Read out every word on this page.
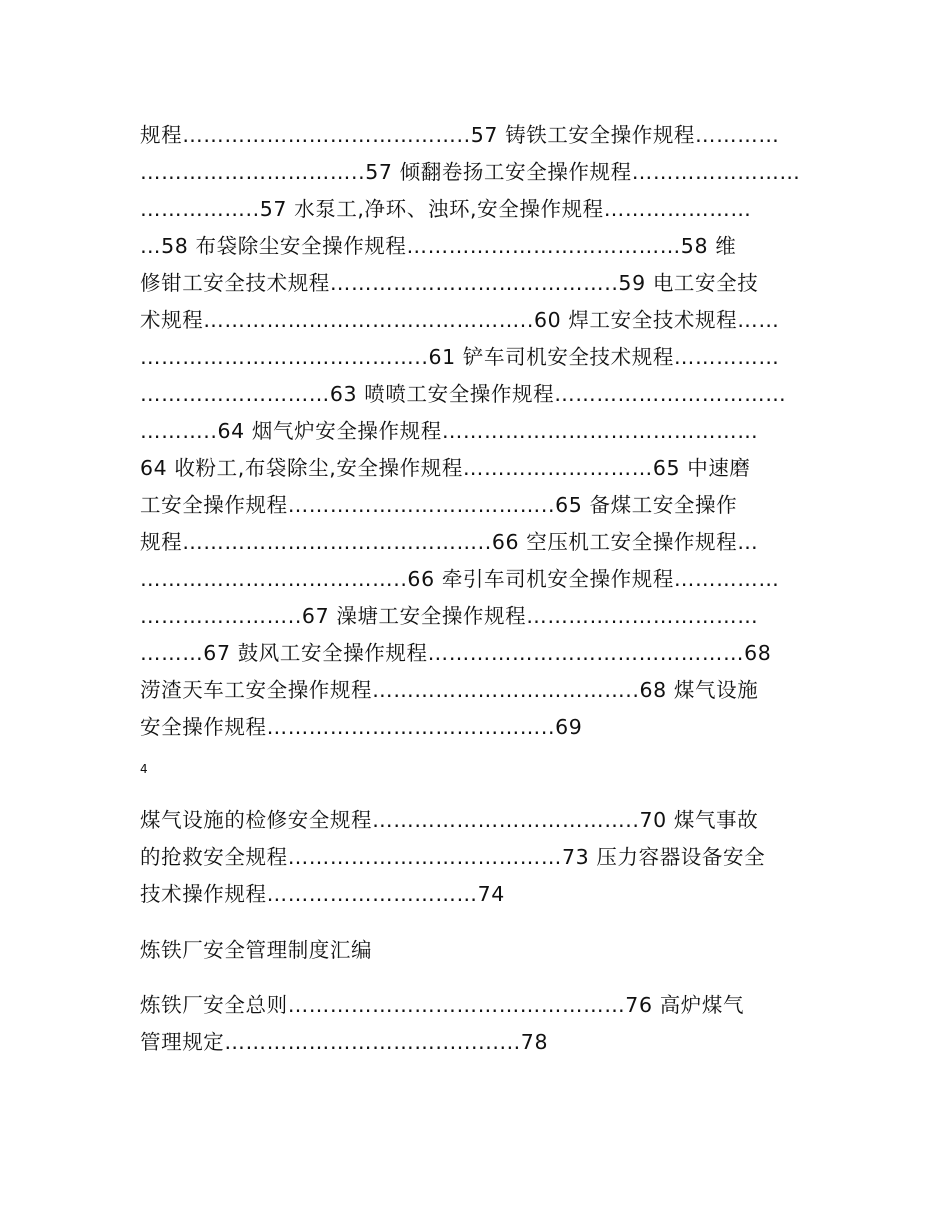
规程…………………………………..57 铸铁工安全操作规程…………
…………………………..57 倾翻卷扬工安全操作规程……………………
……………..57 水泵工,净环、浊环,安全操作规程…………………
…58 布袋除尘安全操作规程…………………………………58 维
修钳工安全技术规程…………………………………..59 电工安全技
术规程………………………………………..60 焊工安全技术规程……
…………………………………..61 铲车司机安全技术规程……………
………………………63 喷喷工安全操作规程……………………………
………..64 烟气炉安全操作规程………………………………………
64 收粉工,布袋除尘,安全操作规程………………………65 中速磨
工安全操作规程………………………………..65 备煤工安全操作
规程……………………………………..66 空压机工安全操作规程…
………………………………..66 牵引车司机安全操作规程……………
…………………..67 澡塘工安全操作规程……………………………
………67 鼓风工安全操作规程………………………………………68
涝渣天车工安全操作规程………………………………..68 煤气设施
安全操作规程…………………………………..69
4
煤气设施的检修安全规程………………………………..70 煤气事故
的抢救安全规程…………………………………73 压力容器设备安全
技术操作规程…………………………74
炼铁厂安全管理制度汇编
炼铁厂安全总则…………………………………………76 高炉煤气
管理规定…………………………............78
